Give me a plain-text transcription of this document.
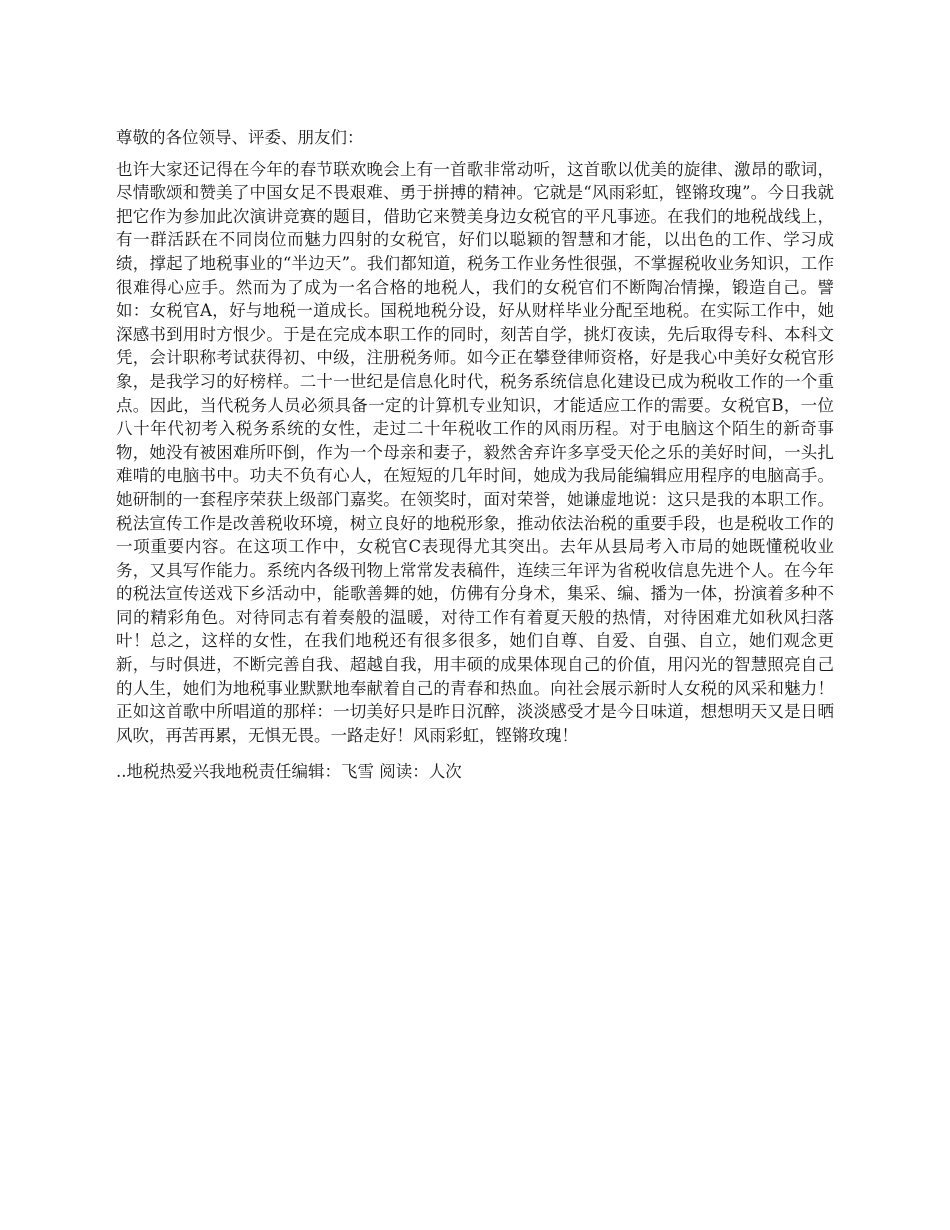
尊敬的各位领导、评委、朋友们：

也许大家还记得在今年的春节联欢晚会上有一首歌非常动听，这首歌以优美的旋律、激昂的歌词，尽情歌颂和赞美了中国女足不畏艰难、勇于拼搏的精神。它就是“风雨彩虹，铿锵玫瑰”。今日我就把它作为参加此次演讲竞赛的题目，借助它来赞美身边女税官的平凡事迹。在我们的地税战线上，有一群活跃在不同岗位而魅力四射的女税官，好们以聪颖的智慧和才能，以出色的工作、学习成绩，撑起了地税事业的“半边天”。我们都知道，税务工作业务性很强，不掌握税收业务知识，工作很难得心应手。然而为了成为一名合格的地税人，我们的女税官们不断陶冶情操，锻造自己。譬如：女税官A，好与地税一道成长。国税地税分设，好从财样毕业分配至地税。在实际工作中，她深感书到用时方恨少。于是在完成本职工作的同时，刻苦自学，挑灯夜读，先后取得专科、本科文凭，会计职称考试获得初、中级，注册税务师。如今正在攀登律师资格，好是我心中美好女税官形象，是我学习的好榜样。二十一世纪是信息化时代，税务系统信息化建设已成为税收工作的一个重点。因此，当代税务人员必须具备一定的计算机专业知识，才能适应工作的需要。女税官B，一位八十年代初考入税务系统的女性，走过二十年税收工作的风雨历程。对于电脑这个陌生的新奇事物，她没有被困难所吓倒，作为一个母亲和妻子，毅然舍弃许多享受天伦之乐的美好时间，一头扎难啃的电脑书中。功夫不负有心人，在短短的几年时间，她成为我局能编辑应用程序的电脑高手。她研制的一套程序荣获上级部门嘉奖。在领奖时，面对荣誉，她谦虚地说：这只是我的本职工作。税法宣传工作是改善税收环境，树立良好的地税形象，推动依法治税的重要手段，也是税收工作的一项重要内容。在这项工作中，女税官C表现得尤其突出。去年从县局考入市局的她既懂税收业务，又具写作能力。系统内各级刊物上常常发表稿件，连续三年评为省税收信息先进个人。在今年的税法宣传送戏下乡活动中，能歌善舞的她，仿佛有分身术，集采、编、播为一体，扮演着多种不同的精彩角色。对待同志有着奏般的温暖，对待工作有着夏天般的热情，对待困难尤如秋风扫落叶！总之，这样的女性，在我们地税还有很多很多，她们自尊、自爱、自强、自立，她们观念更新，与时俱进，不断完善自我、超越自我，用丰硕的成果体现自己的价值，用闪光的智慧照亮自己的人生，她们为地税事业默默地奉献着自己的青春和热血。向社会展示新时人女税的风采和魅力！正如这首歌中所唱道的那样：一切美好只是昨日沉醉，淡淡感受才是今日味道，想想明天又是日晒风吹，再苦再累，无惧无畏。一路走好！风雨彩虹，铿锵玫瑰！

..地税热爱兴我地税责任编辑：飞雪 阅读：人次
